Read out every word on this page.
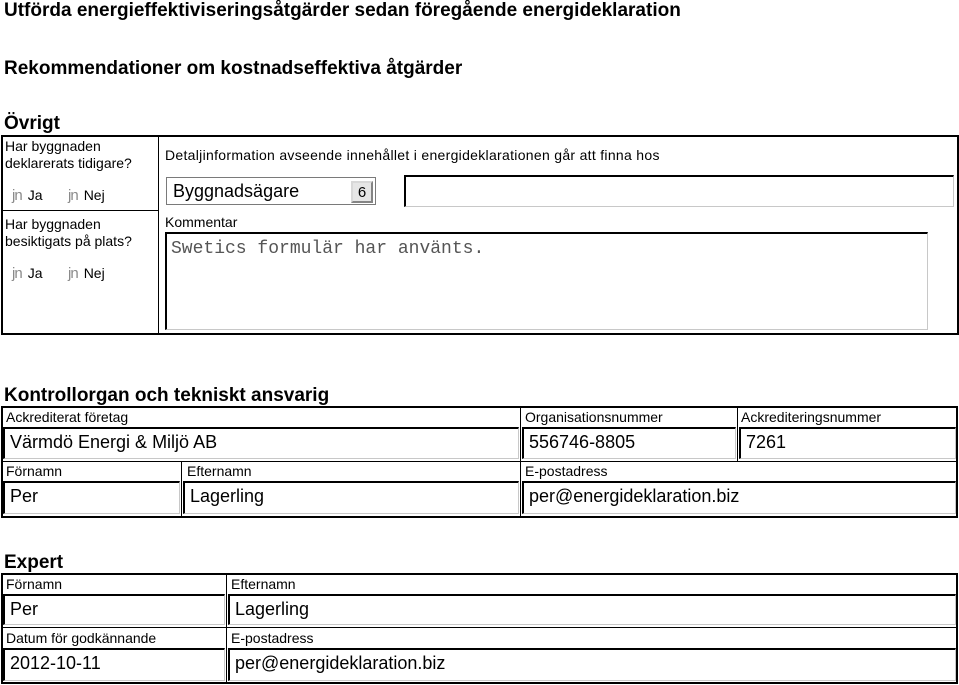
Utförda energieffektiviseringsåtgärder sedan föregående energideklaration
Rekommendationer om kostnadseffektiva åtgärder
Övrigt
Har byggnaden
deklarerats tidigare?
jn Ja jn Nej
Har byggnaden
besiktigats på plats?
jn Ja jn Nej
Detaljinformation avseende innehållet i energideklarationen går att finna hos
Byggnadsägare	6
Kommentar
Swetics formulär har använts.
Kontrollorgan och tekniskt ansvarig
Ackrediterat företag	Organisationsnummer	Ackrediteringsnummer
Värmdö Energi & Miljö AB	556746-8805	7261
Förnamn	Efternamn	E-postadress
Per	Lagerling	per@energideklaration.biz
Expert
Förnamn	Efternamn
Per	Lagerling
Datum för godkännande	E-postadress
2012-10-11	per@energideklaration.biz
